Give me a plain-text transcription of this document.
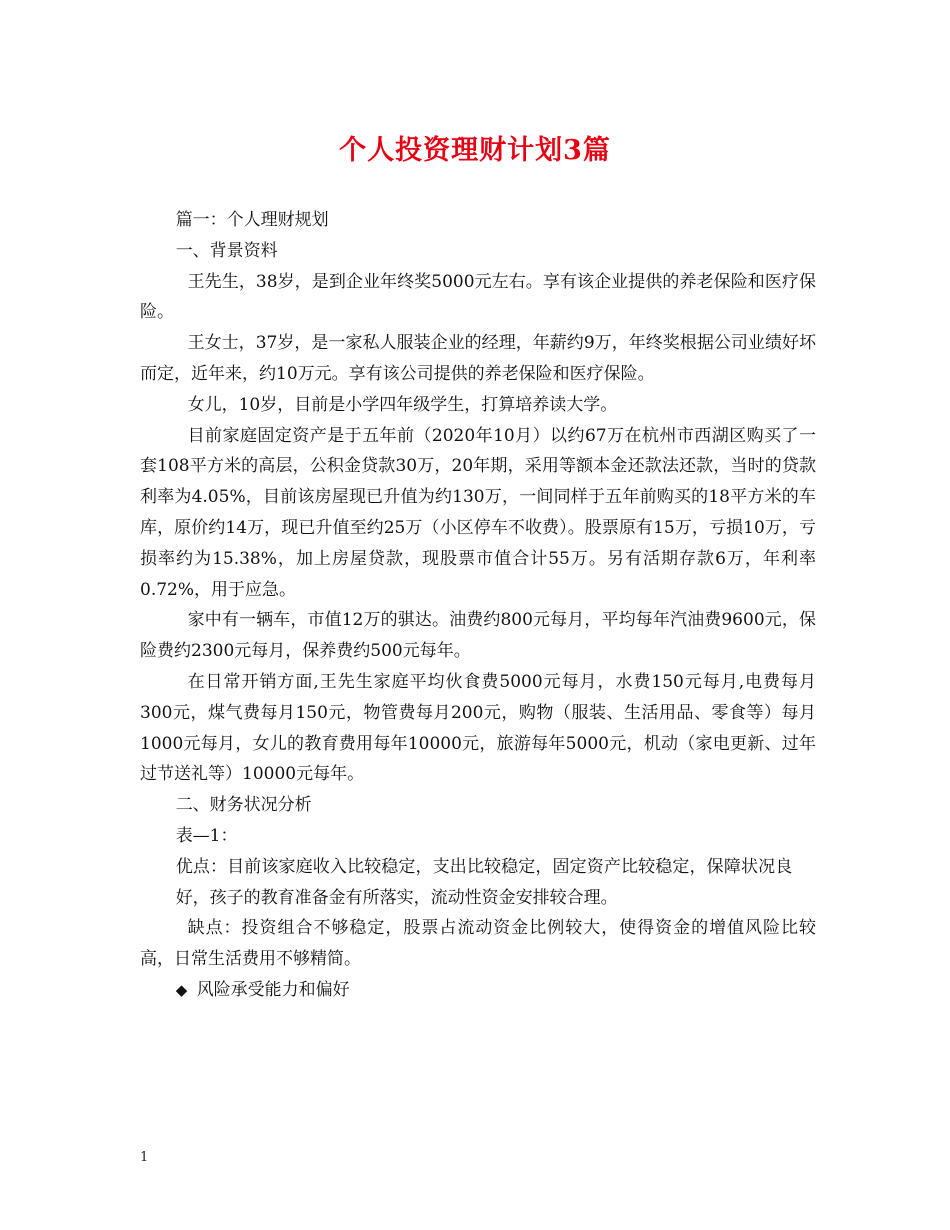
个人投资理财计划3篇

篇一：个人理财规划

一、背景资料

王先生，38岁，是到企业年终奖5000元左右。享有该企业提供的养老保险和医疗保险。

王女士，37岁，是一家私人服装企业的经理，年薪约9万，年终奖根据公司业绩好坏而定，近年来，约10万元。享有该公司提供的养老保险和医疗保险。

女儿，10岁，目前是小学四年级学生，打算培养读大学。

目前家庭固定资产是于五年前（2020年10月）以约67万在杭州市西湖区购买了一套108平方米的高层，公积金贷款30万，20年期，采用等额本金还款法还款，当时的贷款利率为4.05%，目前该房屋现已升值为约130万，一间同样于五年前购买的18平方米的车库，原价约14万，现已升值至约25万（小区停车不收费）。股票原有15万，亏损10万，亏损率约为15.38%，加上房屋贷款，现股票市值合计55万。另有活期存款6万，年利率0.72%，用于应急。

家中有一辆车，市值12万的骐达。油费约800元每月，平均每年汽油费9600元，保险费约2300元每月，保养费约500元每年。

在日常开销方面,王先生家庭平均伙食费5000元每月，水费150元每月,电费每月300元，煤气费每月150元，物管费每月200元，购物（服装、生活用品、零食等）每月1000元每月，女儿的教育费用每年10000元，旅游每年5000元，机动（家电更新、过年过节送礼等）10000元每年。

二、财务状况分析

表—1：

优点：目前该家庭收入比较稳定，支出比较稳定，固定资产比较稳定，保障状况良好，孩子的教育准备金有所落实，流动性资金安排较合理。

缺点：投资组合不够稳定，股票占流动资金比例较大，使得资金的增值风险比较高，日常生活费用不够精简。

◆ 风险承受能力和偏好

1
